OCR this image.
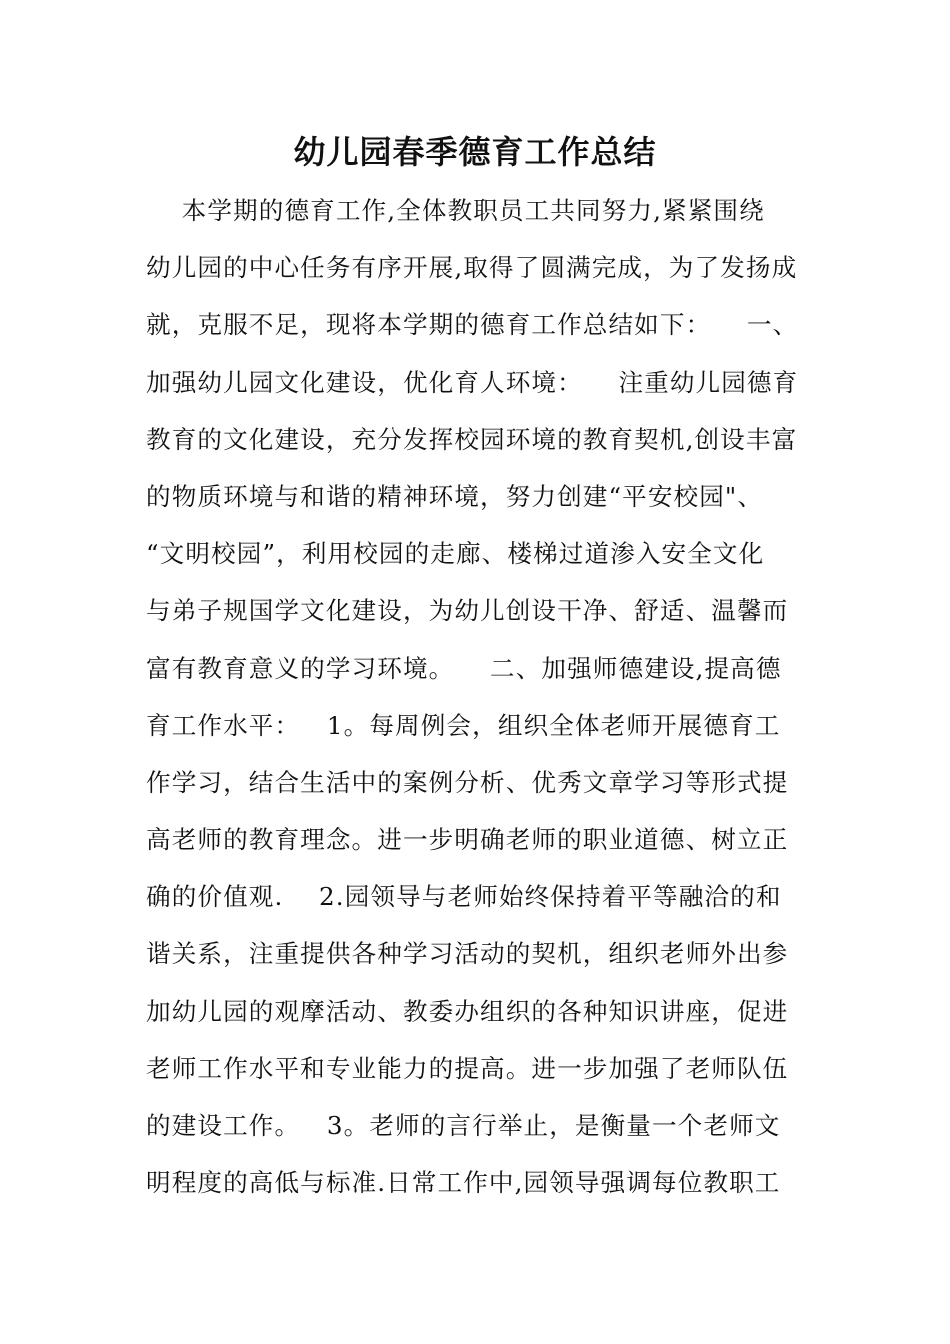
幼儿园春季德育工作总结
本学期的德育工作,全体教职员工共同努力,紧紧围绕
幼儿园的中心任务有序开展,取得了圆满完成，为了发扬成
就，克服不足，现将本学期的德育工作总结如下：    一、
加强幼儿园文化建设，优化育人环境：    注重幼儿园德育
教育的文化建设，充分发挥校园环境的教育契机,创设丰富
的物质环境与和谐的精神环境，努力创建“平安校园"、
“文明校园”，利用校园的走廊、楼梯过道渗入安全文化
与弟子规国学文化建设，为幼儿创设干净、舒适、温馨而
富有教育意义的学习环境。    二、加强师德建设,提高德
育工作水平：   1。每周例会，组织全体老师开展德育工
作学习，结合生活中的案例分析、优秀文章学习等形式提
高老师的教育理念。进一步明确老师的职业道德、树立正
确的价值观.    2.园领导与老师始终保持着平等融洽的和
谐关系，注重提供各种学习活动的契机，组织老师外出参
加幼儿园的观摩活动、教委办组织的各种知识讲座，促进
老师工作水平和专业能力的提高。进一步加强了老师队伍
的建设工作。   3。老师的言行举止，是衡量一个老师文
明程度的高低与标准.日常工作中,园领导强调每位教职工
